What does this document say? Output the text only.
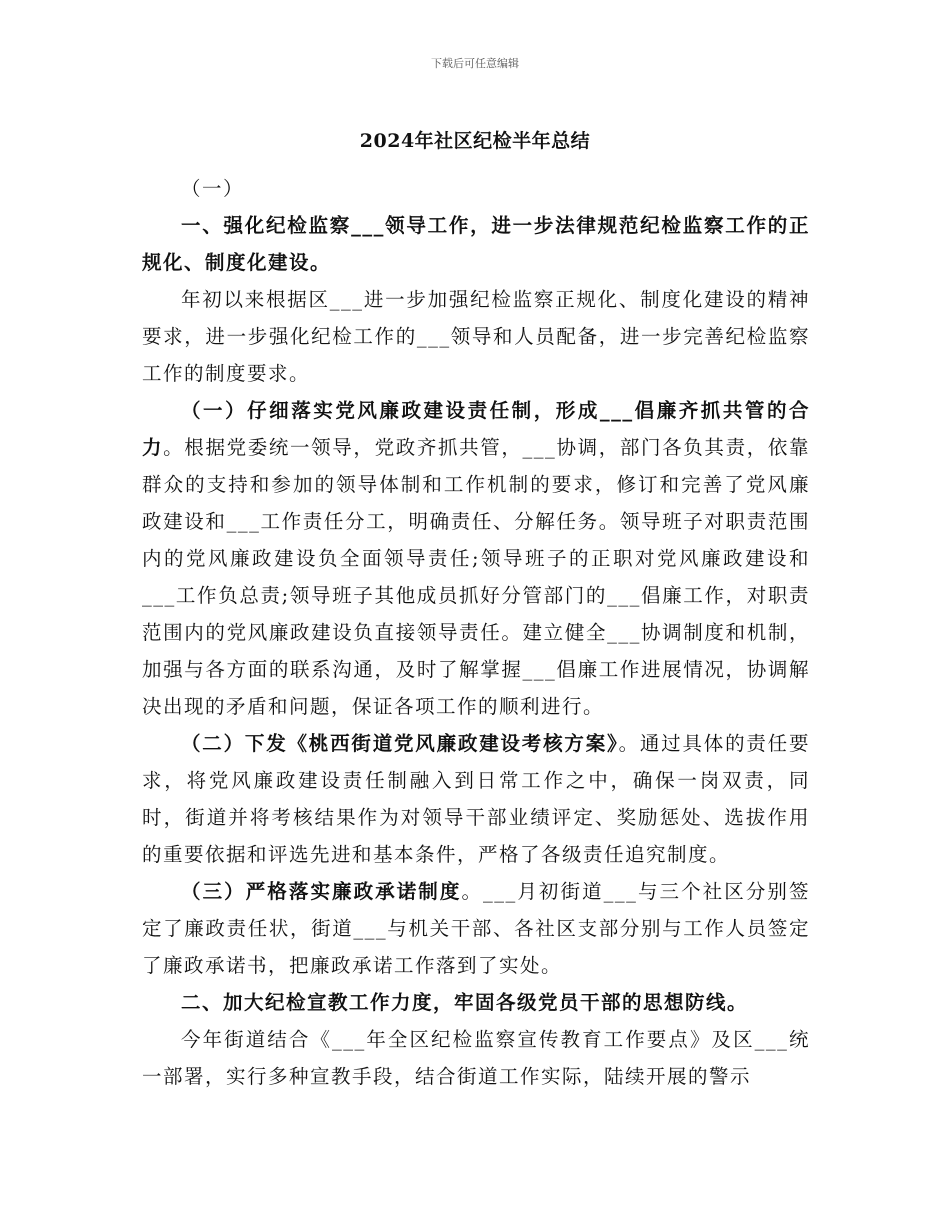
下载后可任意编辑
2024年社区纪检半年总结

（一）

一、强化纪检监察___领导工作，进一步法律规范纪检监察工作的正规化、制度化建设。

年初以来根据区___进一步加强纪检监察正规化、制度化建设的精神要求，进一步强化纪检工作的___领导和人员配备，进一步完善纪检监察工作的制度要求。

（一）仔细落实党风廉政建设责任制，形成___倡廉齐抓共管的合力。根据党委统一领导，党政齐抓共管，___协调，部门各负其责，依靠群众的支持和参加的领导体制和工作机制的要求，修订和完善了党风廉政建设和___工作责任分工，明确责任、分解任务。领导班子对职责范围内的党风廉政建设负全面领导责任;领导班子的正职对党风廉政建设和___工作负总责;领导班子其他成员抓好分管部门的___倡廉工作，对职责范围内的党风廉政建设负直接领导责任。建立健全___协调制度和机制，加强与各方面的联系沟通，及时了解掌握___倡廉工作进展情况，协调解决出现的矛盾和问题，保证各项工作的顺利进行。

（二）下发《桃西街道党风廉政建设考核方案》。通过具体的责任要求，将党风廉政建设责任制融入到日常工作之中，确保一岗双责，同时，街道并将考核结果作为对领导干部业绩评定、奖励惩处、选拔作用的重要依据和评选先进和基本条件，严格了各级责任追究制度。

（三）严格落实廉政承诺制度。___月初街道___与三个社区分别签定了廉政责任状，街道___与机关干部、各社区支部分别与工作人员签定了廉政承诺书，把廉政承诺工作落到了实处。

二、加大纪检宣教工作力度，牢固各级党员干部的思想防线。

今年街道结合《___年全区纪检监察宣传教育工作要点》及区___统一部署，实行多种宣教手段，结合街道工作实际，陆续开展的警示
